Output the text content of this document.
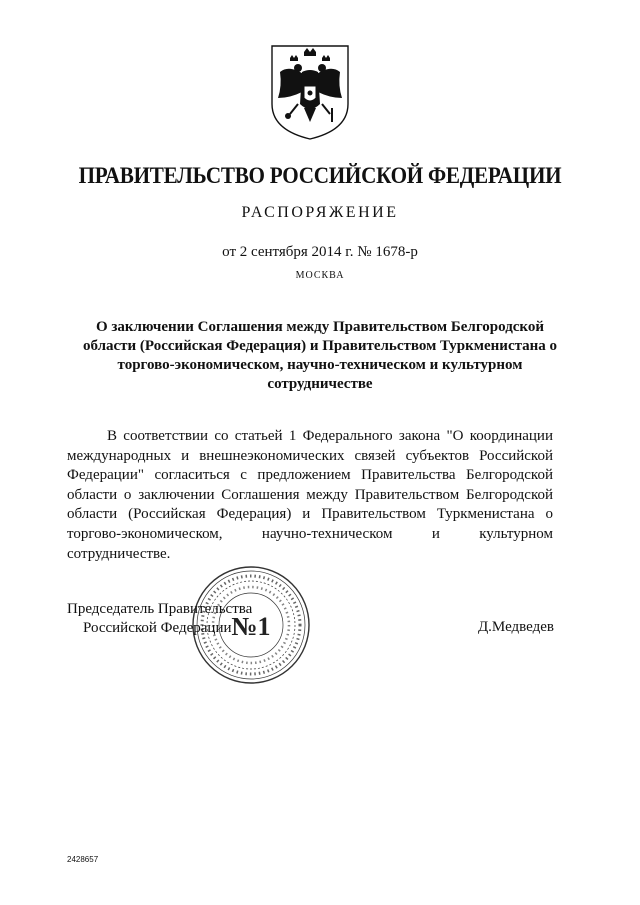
ПРАВИТЕЛЬСТВО РОССИЙСКОЙ ФЕДЕРАЦИИ
РАСПОРЯЖЕНИЕ
от 2 сентября 2014 г. № 1678-р
МОСКВА
О заключении Соглашения между Правительством Белгородской области (Российская Федерация) и Правительством Туркменистана о торгово-экономическом, научно-техническом и культурном сотрудничестве

В соответствии со статьей 1 Федерального закона "О координации международных и внешнеэкономических связей субъектов Российской Федерации" согласиться с предложением Правительства Белгородской области о заключении Соглашения между Правительством Белгородской области (Российская Федерация) и Правительством Туркменистана о торгово-экономическом, научно-техническом и культурном сотрудничестве.

№1
Председатель Правительства
Российской Федерации	Д.Медведев
2428657
